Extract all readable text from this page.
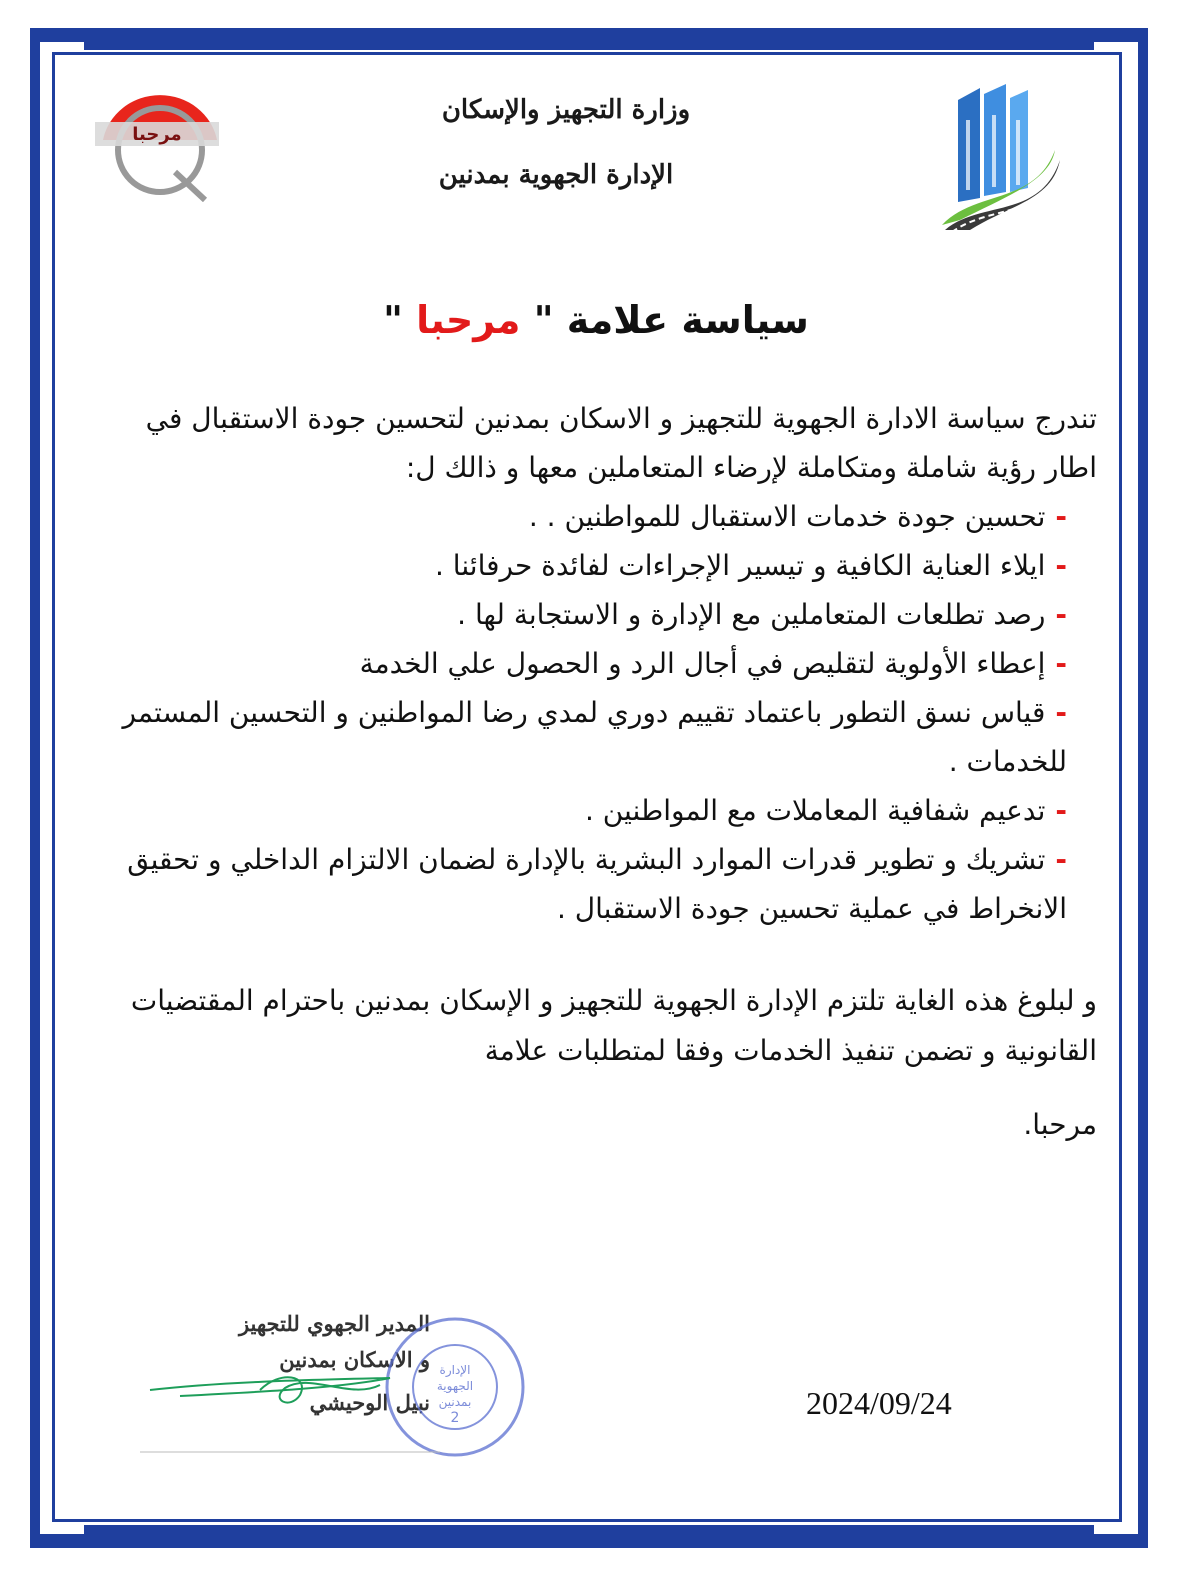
مرحبا
وزارة التجهيز والإسكان
الإدارة الجهوية بمدنين
سياسة علامة " مرحبا "
تندرج سياسة الادارة الجهوية للتجهيز و الاسكان بمدنين لتحسين جودة الاستقبال في اطار رؤية شاملة ومتكاملة لإرضاء المتعاملين معها و ذالك ل:
-تحسين جودة خدمات الاستقبال للمواطنين . .
-ايلاء العناية الكافية و تيسير الإجراءات لفائدة حرفائنا .
-رصد تطلعات المتعاملين مع الإدارة و الاستجابة لها .
-إعطاء الأولوية لتقليص في أجال الرد و الحصول علي الخدمة
-قياس نسق التطور باعتماد تقييم دوري لمدي رضا المواطنين و التحسين المستمر للخدمات .
-تدعيم شفافية المعاملات مع المواطنين .
-تشريك و تطوير قدرات الموارد البشرية بالإدارة لضمان الالتزام الداخلي و تحقيق الانخراط في عملية تحسين جودة الاستقبال .
و لبلوغ هذه الغاية تلتزم الإدارة الجهوية للتجهيز و الإسكان بمدنين باحترام المقتضيات القانونية و تضمن تنفيذ الخدمات وفقا لمتطلبات علامة
مرحبا.
2024/09/24
المدير الجهوي للتجهيز
و الاسكان بمدنين
نبيل الوحيشي
الإدارة
الجهوية
بمدنين
2
